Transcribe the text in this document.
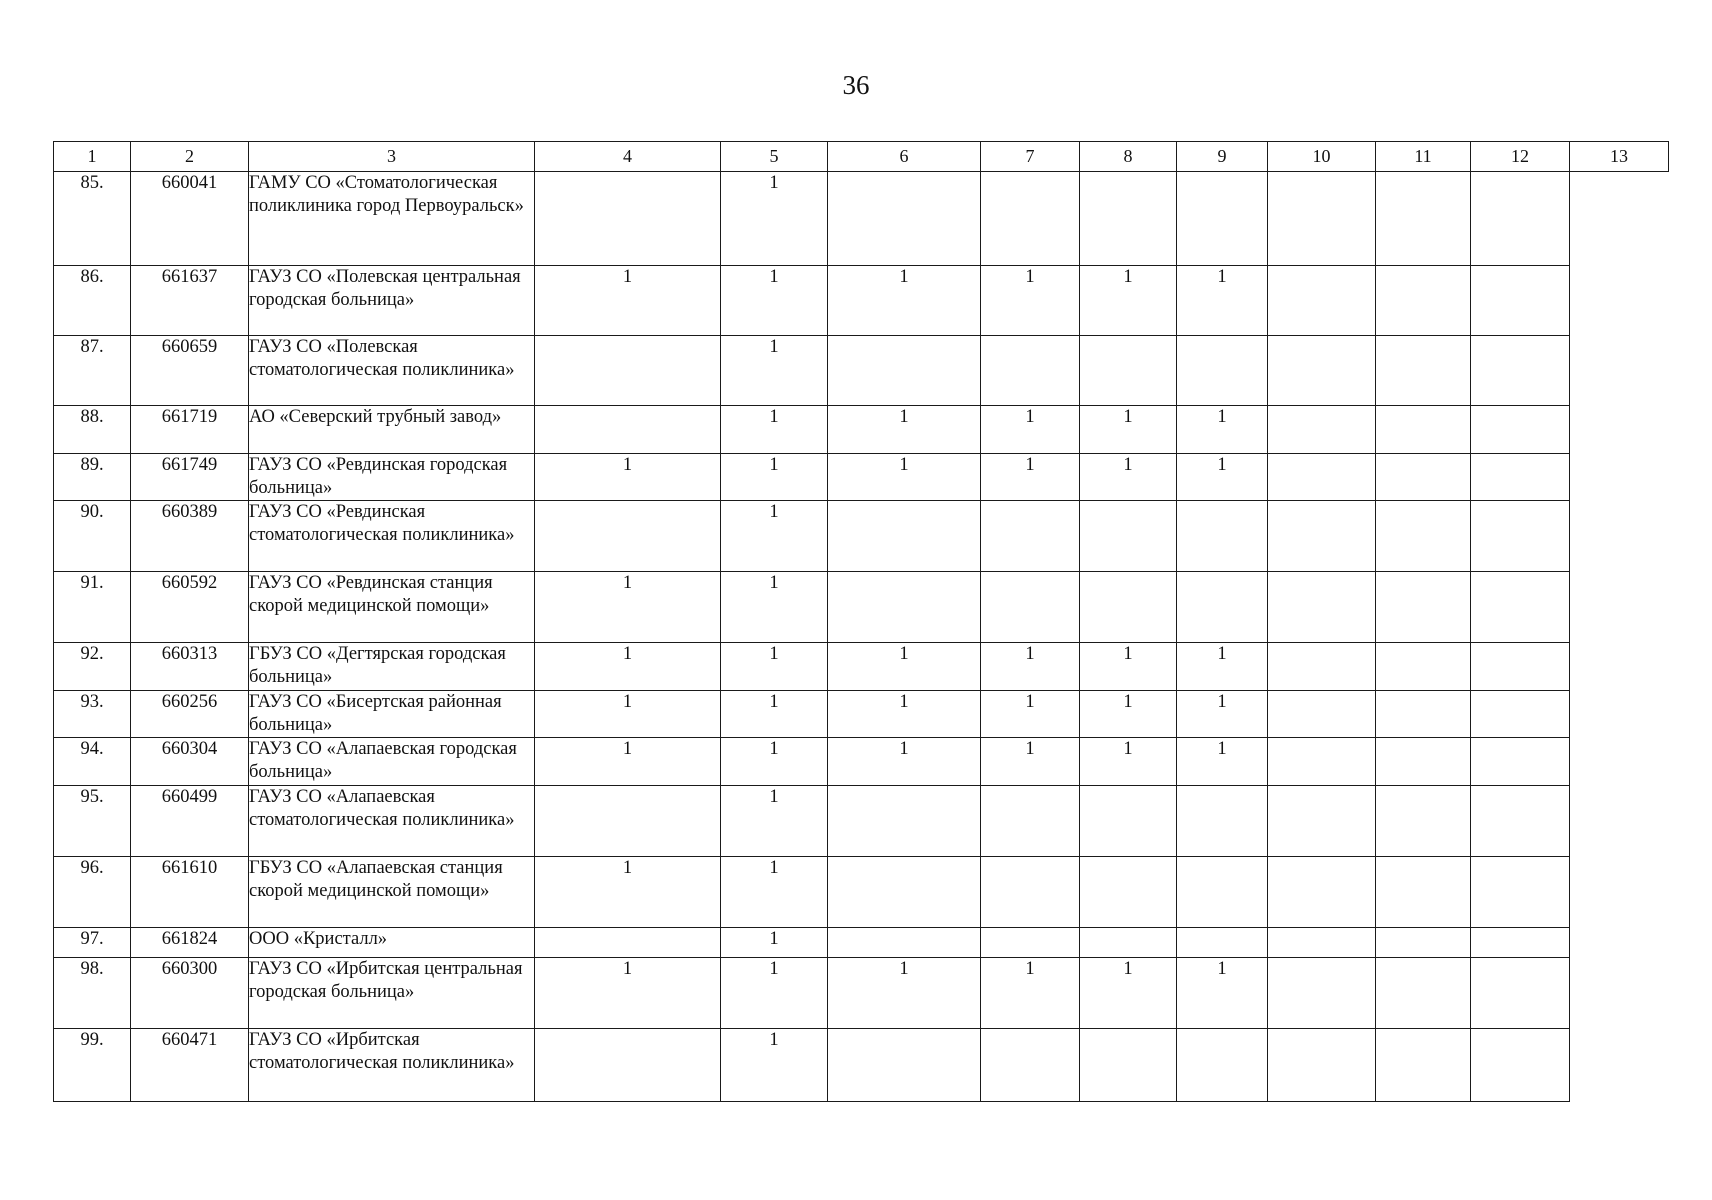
36
1	2	3	4	5	6	7	8	9	10	11	12	13
85.	660041	ГАМУ СО «Стоматологическая поликлиника город Первоуральск»		1								
86.	661637	ГАУЗ СО «Полевская центральная городская больница»	1	1	1	1	1	1				
87.	660659	ГАУЗ СО «Полевская стоматологическая поликлиника»		1								
88.	661719	АО «Северский трубный завод»		1	1	1	1	1				
89.	661749	ГАУЗ СО «Ревдинская городская больница»	1	1	1	1	1	1				
90.	660389	ГАУЗ СО «Ревдинская стоматологическая поликлиника»		1								
91.	660592	ГАУЗ СО «Ревдинская станция скорой медицинской помощи»	1	1								
92.	660313	ГБУЗ СО «Дегтярская городская больница»	1	1	1	1	1	1				
93.	660256	ГАУЗ СО «Бисертская районная больница»	1	1	1	1	1	1				
94.	660304	ГАУЗ СО «Алапаевская городская больница»	1	1	1	1	1	1				
95.	660499	ГАУЗ СО «Алапаевская стоматологическая поликлиника»		1								
96.	661610	ГБУЗ СО «Алапаевская станция скорой медицинской помощи»	1	1								
97.	661824	ООО «Кристалл»		1								
98.	660300	ГАУЗ СО «Ирбитская центральная городская больница»	1	1	1	1	1	1				
99.	660471	ГАУЗ СО «Ирбитская стоматологическая поликлиника»		1								
